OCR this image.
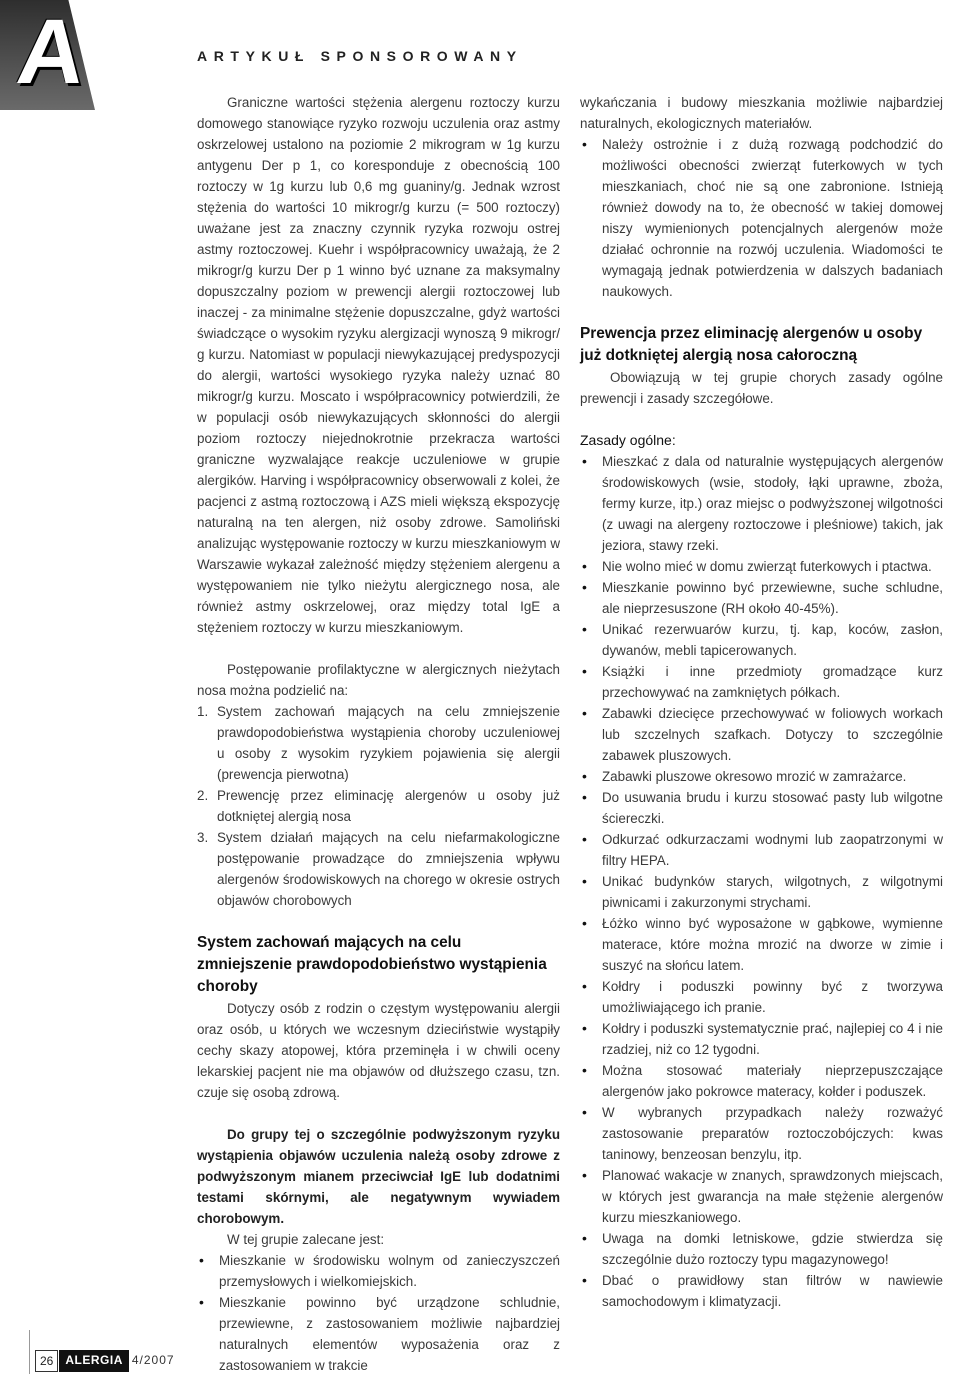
A	ARTYKUŁ SPONSOROWANY

Graniczne wartości stężenia alergenu roztoczy kurzu domowego stanowiące ryzyko rozwoju uczulenia oraz astmy oskrzelowej ustalono na poziomie 2 mikrogram w 1g kurzu antygenu Der p 1, co koresponduje z obecnością 100 roztoczy w 1g kurzu lub 0,6 mg guaniny/g. Jednak wzrost stężenia do wartości 10 mikrogr/g kurzu (= 500 roztoczy) uważane jest za znaczny czynnik ryzyka rozwoju ostrej astmy roztoczowej. Kuehr i współpracownicy uważają, że 2 mikrogr/g kurzu Der p 1 winno być uznane za maksymalny dopuszczalny poziom w prewencji alergii roztoczowej lub inaczej - za minimalne stężenie dopuszczalne, gdyż wartości świadczące o wysokim ryzyku alergizacji wynoszą 9 mikrogr/ g kurzu. Natomiast w populacji niewykazującej predyspozycji do alergii, wartości wysokiego ryzyka należy uznać 80 mikrogr/g kurzu. Moscato i współpracownicy potwierdzili, że w populacji osób niewykazujących skłonności do alergii poziom roztoczy niejednokrotnie przekracza wartości graniczne wyzwalające reakcje uczuleniowe w grupie alergików. Harving i współpracownicy obserwowali z kolei, że pacjenci z astmą roztoczową i AZS mieli większą ekspozycję naturalną na ten alergen, niż osoby zdrowe. Samoliński analizując występowanie roztoczy w kurzu mieszkaniowym w Warszawie wykazał zależność między stężeniem alergenu a występowaniem nie tylko nieżytu alergicznego nosa, ale również astmy oskrzelowej, oraz między total IgE a stężeniem roztoczy w kurzu mieszkaniowym.

Postępowanie profilaktyczne w alergicznych nieżytach nosa można podzielić na:

1. System zachowań mających na celu zmniejszenie prawdopodobieństwa wystąpienia choroby uczuleniowej u osoby z wysokim ryzykiem pojawienia się alergii (prewencja pierwotna)
2. Prewencję przez eliminację alergenów u osoby już dotkniętej alergią nosa
3. System działań mających na celu niefarmakologiczne postępowanie prowadzące do zmniejszenia wpływu alergenów środowiskowych na chorego w okresie ostrych objawów chorobowych
System zachowań mających na celu zmniejszenie prawdopodobieństwo wystąpienia choroby

Dotyczy osób z rodzin o częstym występowaniu alergii oraz osób, u których we wczesnym dzieciństwie wystąpiły cechy skazy atopowej, która przeminęła i w chwili oceny lekarskiej pacjent nie ma objawów od dłuższego czasu, tzn. czuje się osobą zdrową.

Do grupy tej o szczególnie podwyższonym ryzyku wystąpienia objawów uczulenia należą osoby zdrowe z podwyższonym mianem przeciwciał IgE lub dodatnimi testami skórnymi, ale negatywnym wywiadem chorobowym.

W tej grupie zalecane jest:

• Mieszkanie w środowisku wolnym od zanieczyszczeń przemysłowych i wielkomiejskich.
• Mieszkanie powinno być urządzone schludnie, przewiewne, z zastosowaniem możliwie najbardziej naturalnych elementów wyposażenia oraz z zastosowaniem w trakcie

wykańczania i budowy mieszkania możliwie najbardziej naturalnych, ekologicznych materiałów.

• Należy ostrożnie i z dużą rozwagą podchodzić do możliwości obecności zwierząt futerkowych w tych mieszkaniach, choć nie są one zabronione. Istnieją również dowody na to, że obecność w takiej domowej niszy wymienionych potencjalnych alergenów może działać ochronnie na rozwój uczulenia. Wiadomości te wymagają jednak potwierdzenia w dalszych badaniach naukowych.
Prewencja przez eliminację alergenów u osoby już dotkniętej alergią nosa całoroczną

Obowiązują w tej grupie chorych zasady ogólne prewencji i zasady szczegółowe.

Zasady ogólne:

• Mieszkać z dala od naturalnie występujących alergenów środowiskowych (wsie, stodoły, łąki uprawne, zboża, fermy kurze, itp.) oraz miejsc o podwyższonej wilgotności (z uwagi na alergeny roztoczowe i pleśniowe) takich, jak jeziora, stawy rzeki.
• Nie wolno mieć w domu zwierząt futerkowych i ptactwa.
• Mieszkanie powinno być przewiewne, suche schludne, ale nieprzesuszone (RH około 40-45%).
• Unikać rezerwuarów kurzu, tj. kap, koców, zasłon, dywanów, mebli tapicerowanych.
• Książki i inne przedmioty gromadzące kurz przechowywać na zamkniętych półkach.
• Zabawki dziecięce przechowywać w foliowych workach lub szczelnych szafkach. Dotyczy to szczególnie zabawek pluszowych.
• Zabawki pluszowe okresowo mrozić w zamrażarce.
• Do usuwania brudu i kurzu stosować pasty lub wilgotne ściereczki.
• Odkurzać odkurzaczami wodnymi lub zaopatrzonymi w filtry HEPA.
• Unikać budynków starych, wilgotnych, z wilgotnymi piwnicami i zakurzonymi strychami.
• Łóżko winno być wyposażone w gąbkowe, wymienne materace, które można mrozić na dworze w zimie i suszyć na słońcu latem.
• Kołdry i poduszki powinny być z tworzywa umożliwiającego ich pranie.
• Kołdry i poduszki systematycznie prać, najlepiej co 4 i nie rzadziej, niż co 12 tygodni.
• Można stosować materiały nieprzepuszczające alergenów jako pokrowce materacy, kołder i poduszek.
• W wybranych przypadkach należy rozważyć zastosowanie preparatów roztoczobójczych: kwas taninowy, benzeosan benzylu, itp.
• Planować wakacje w znanych, sprawdzonych miejscach, w których jest gwarancja na małe stężenie alergenów kurzu mieszkaniowego.
• Uwaga na domki letniskowe, gdzie stwierdza się szczególnie dużo roztoczy typu magazynowego!
• Dbać o prawidłowy stan filtrów w nawiewie samochodowym i klimatyzacji.
26	ALERGIA 4/2007
